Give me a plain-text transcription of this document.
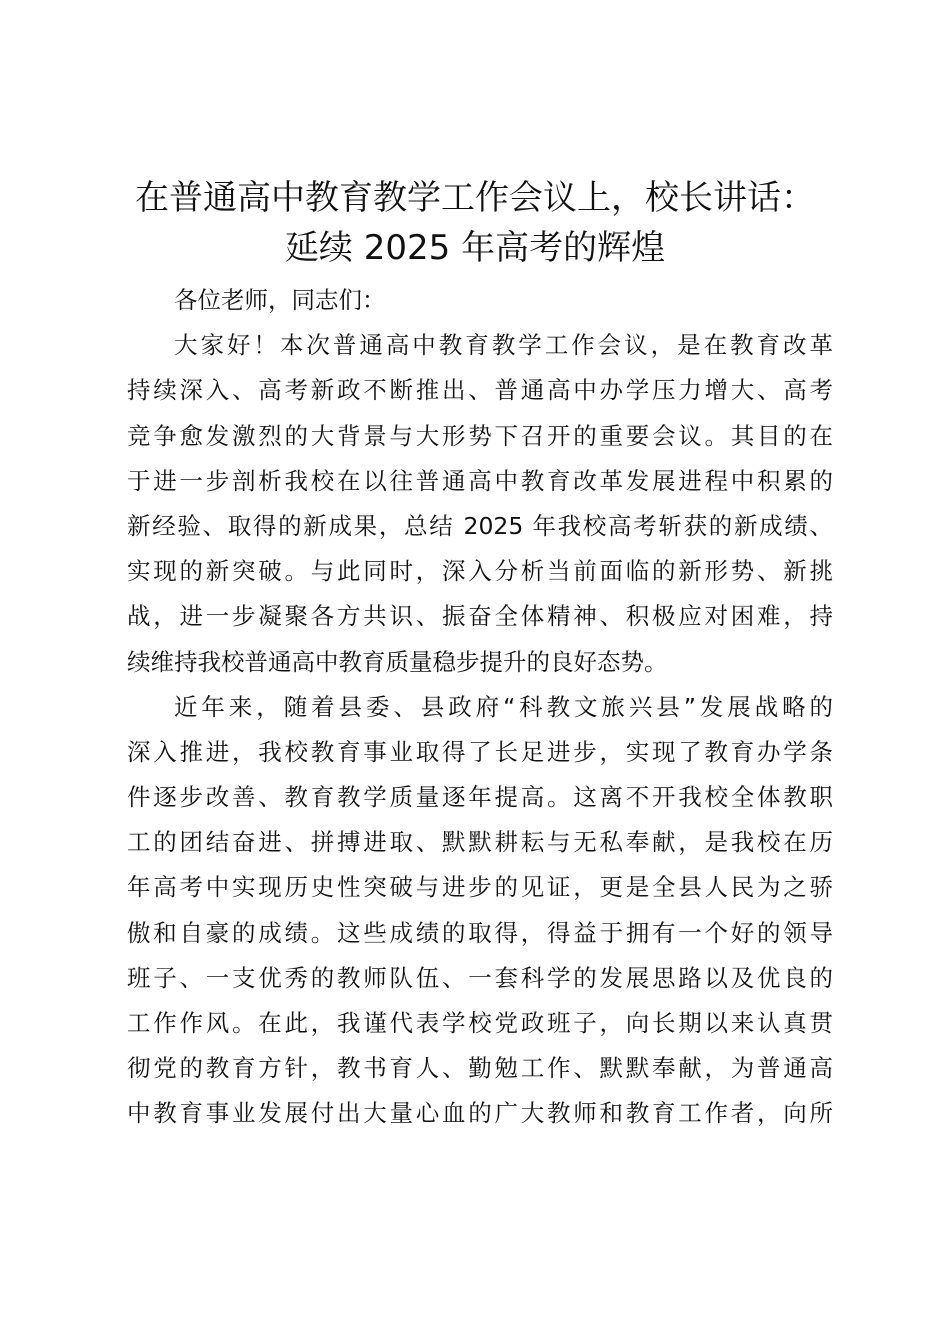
在普通高中教育教学工作会议上，校长讲话：
延续 2025 年高考的辉煌
各位老师，同志们：
大家好！本次普通高中教育教学工作会议，是在教育改革
持续深入、高考新政不断推出、普通高中办学压力增大、高考
竞争愈发激烈的大背景与大形势下召开的重要会议。其目的在
于进一步剖析我校在以往普通高中教育改革发展进程中积累的
新经验、取得的新成果，总结 2025 年我校高考斩获的新成绩、
实现的新突破。与此同时，深入分析当前面临的新形势、新挑
战，进一步凝聚各方共识、振奋全体精神、积极应对困难，持
续维持我校普通高中教育质量稳步提升的良好态势。
近年来，随着县委、县政府“科教文旅兴县”发展战略的
深入推进，我校教育事业取得了长足进步，实现了教育办学条
件逐步改善、教育教学质量逐年提高。这离不开我校全体教职
工的团结奋进、拼搏进取、默默耕耘与无私奉献，是我校在历
年高考中实现历史性突破与进步的见证，更是全县人民为之骄
傲和自豪的成绩。这些成绩的取得，得益于拥有一个好的领导
班子、一支优秀的教师队伍、一套科学的发展思路以及优良的
工作作风。在此，我谨代表学校党政班子，向长期以来认真贯
彻党的教育方针，教书育人、勤勉工作、默默奉献，为普通高
中教育事业发展付出大量心血的广大教师和教育工作者，向所
